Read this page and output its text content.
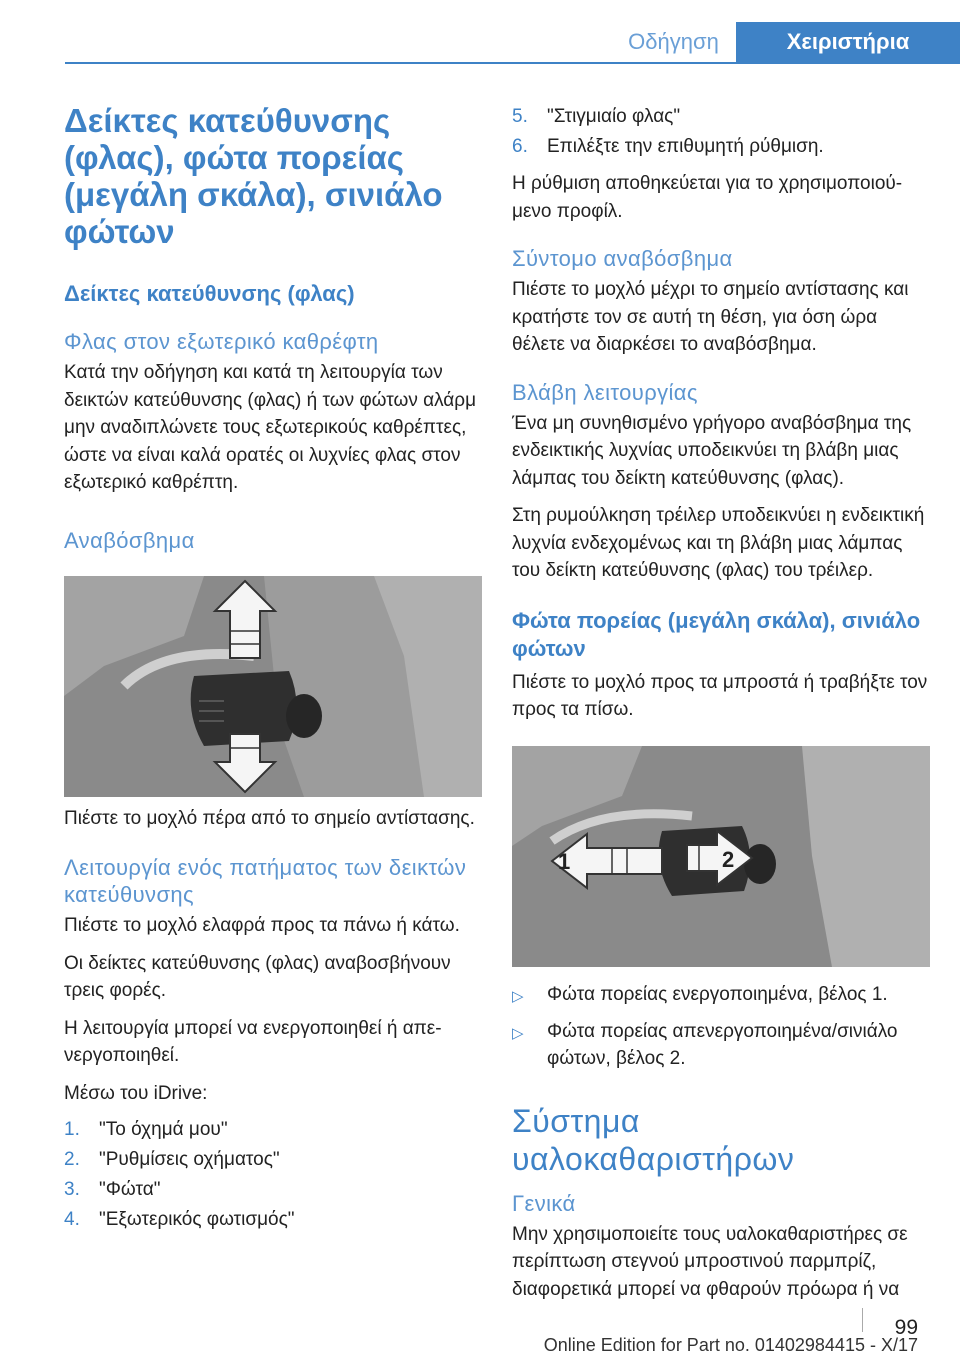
Οδήγηση	Χειριστήρια
Δείκτες κατεύθυνσης (φλας), φώτα πορείας (μεγάλη σκάλα), σινιάλο φώτων
Δείκτες κατεύθυνσης (φλας)
Φλας στον εξωτερικό καθρέφτη

Κατά την οδήγηση και κατά τη λειτουργία των δεικτών κατεύθυνσης (φλας) ή των φώτων αλάρμ μην αναδιπλώνετε τους εξωτερικούς καθρέπτες, ώστε να είναι καλά ορατές οι λυχνίες φλας στον εξωτερικό καθρέπτη.

Αναβόσβημα

Πιέστε το μοχλό πέρα από το σημείο αντίστασης.

Λειτουργία ενός πατήματος των δεικτών κατεύθυνσης

Πιέστε το μοχλό ελαφρά προς τα πάνω ή κάτω.

Οι δείκτες κατεύθυνσης (φλας) αναβοσβήνουν τρεις φορές.

Η λειτουργία μπορεί να ενεργοποιηθεί ή απενεργοποιηθεί.

Μέσω του iDrive:

1.	"Το όχημά μου"
2.	"Ρυθμίσεις οχήματος"
3.	"Φώτα"
4.	"Εξωτερικός φωτισμός"
5.	"Στιγμιαίο φλας"
6.	Επιλέξτε την επιθυμητή ρύθμιση.

Η ρύθμιση αποθηκεύεται για το χρησιμοποιούμενο προφίλ.

Σύντομο αναβόσβημα

Πιέστε το μοχλό μέχρι το σημείο αντίστασης και κρατήστε τον σε αυτή τη θέση, για όση ώρα θέλετε να διαρκέσει το αναβόσβημα.

Βλάβη λειτουργίας

Ένα μη συνηθισμένο γρήγορο αναβόσβημα της ενδεικτικής λυχνίας υποδεικνύει τη βλάβη μιας λάμπας του δείκτη κατεύθυνσης (φλας).

Στη ρυμούλκηση τρέιλερ υποδεικνύει η ενδεικτική λυχνία ενδεχομένως και τη βλάβη μιας λάμπας του δείκτη κατεύθυνσης (φλας) του τρέιλερ.

Φώτα πορείας (μεγάλη σκάλα), σινιάλο φώτων

Πιέστε το μοχλό προς τα μπροστά ή τραβήξτε τον προς τα πίσω.

1	2
▷	Φώτα πορείας ενεργοποιημένα, βέλος 1.
▷	Φώτα πορείας απενεργοποιημένα/σινιάλο φώτων, βέλος 2.
Σύστημα υαλοκαθαριστήρων
Γενικά

Μην χρησιμοποιείτε τους υαλοκαθαριστήρες σε περίπτωση στεγνού μπροστινού παρμπρίζ, διαφορετικά μπορεί να φθαρούν πρόωρα ή να

99
Online Edition for Part no. 01402984415 - X/17
